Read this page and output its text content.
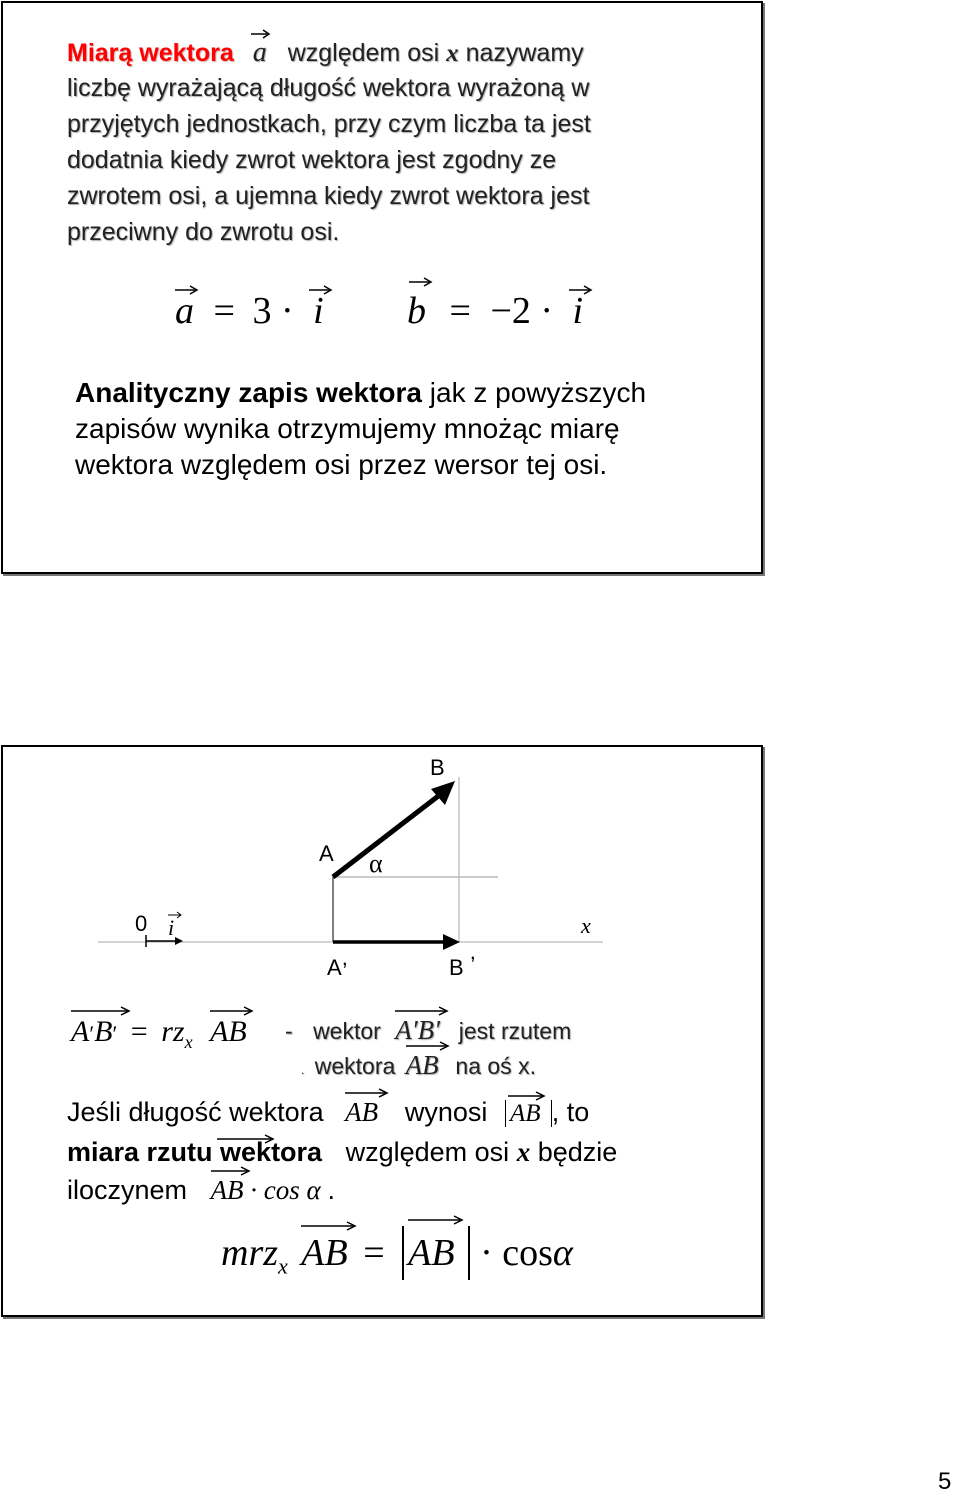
Miarą wektora a względem osi x nazywamy
liczbę wyrażającą długość wektora wyrażoną w
przyjętych jednostkach, przy czym liczba ta jest
dodatnia kiedy zwrot wektora jest zgodny ze
zwrotem osi, a ujemna kiedy zwrot wektora jest
przeciwny do zwrotu osi.
a = 3 · i b = −2 · i
Analityczny zapis wektora jak z powyższych
zapisów wynika otrzymujemy mnożąc miarę
wektora względem osi przez wersor tej osi.
B
A α
0 i	x
A,	B,
$A'B' = rz_x$ AB - wektor A′B′ jest rzutem
. wektora AB na oś x.
Jeśli długość wektora AB wynosi AB , to
miara rzutu wektora względem osi x będzie
iloczynem AB · cos α .
mrz$_x$ AB = AB · cosα
5
